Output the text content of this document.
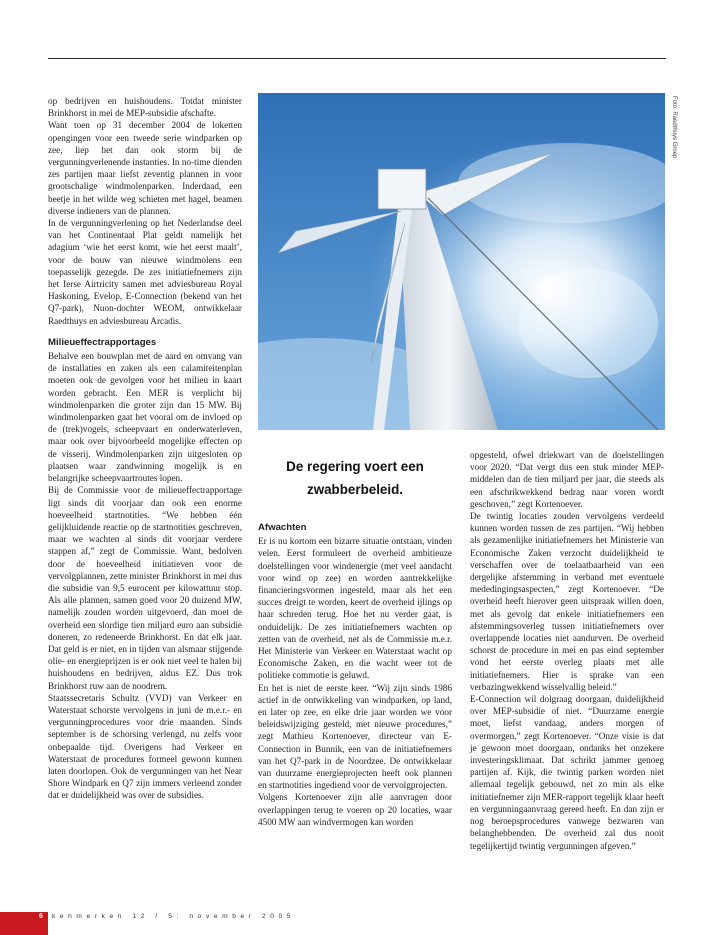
op bedrijven en huishoudens. Totdat minister Brinkhorst in mei de MEP-subsidie afschafte.

Want toen op 31 december 2004 de loketten opengingen voor een tweede serie windparken op zee, liep het dan ook storm bij de vergunningverlenende instanties. In no-time dienden zes partijen maar liefst zeventig plannen in voor grootschalige windmolenparken. Inderdaad, een beetje in het wilde weg schieten met hagel, beamen diverse indieners van de plannen.

In de vergunningverlening op het Nederlandse deel van het Continentaal Plat geldt namelijk het adagium ‘wie het eerst komt, wie het eerst maalt’, voor de bouw van nieuwe windmolens een toepasselijk gezegde. De zes initiatiefnemers zijn het Ierse Airtricity samen met adviesbureau Royal Haskoning, Evelop, E-Connection (bekend van het Q7-park), Nuon-dochter WEOM, ontwikkelaar Raedthuys en adviesbureau Arcadis.

Milieueffectrapportages

Behalve een bouwplan met de aard en omvang van de installaties en zaken als een calamiteitenplan moeten ook de gevolgen voor het milieu in kaart worden gebracht. Een MER is verplicht bij windmolenparken die groter zijn dan 15 MW. Bij windmolenparken gaat het vooral om de invloed op de (trek)vogels, scheepvaart en onderwaterleven, maar ook over bijvoorbeeld mogelijke effecten op de visserij. Windmolenparken zijn uitgesloten op plaatsen waar zandwinning mogelijk is en belangrijke scheepvaartroutes lopen.

Bij de Commissie voor de milieueffectrapportage ligt sinds dit voorjaar dan ook een enorme hoeveelheid startnotities. “We hebben één gelijkluidende reactie op de startnotities geschreven, maar we wachten al sinds dit voorjaar verdere stappen af,” zegt de Commissie. Want, bedolven door de hoeveelheid initiatieven voor de vervolgplannen, zette minister Brinkhorst in mei dus die subsidie van 9,5 eurocent per kilowattuur stop. Als alle plannen, samen goed voor 20 duizend MW, namelijk zouden worden uitgevoerd, dan moet de overheid een slordige tien miljard euro aan subsidie doneren, zo redeneerde Brinkhorst. En dat elk jaar. Dat geld is er niet, en in tijden van alsmaar stijgende olie- en energieprijzen is er ook niet veel te halen bij huishoudens en bedrijven, aldus EZ. Dus trok Brinkhorst ruw aan de noodrem.

Staatssecretaris Schultz (VVD) van Verkeer en Waterstaat schorste vervolgens in juni de m.e.r.- en vergunningprocedures voor drie maanden. Sinds september is de schorsing verlengd, nu zelfs voor onbepaalde tijd. Overigens had Verkeer en Waterstaat de procedures formeel gewoon kunnen laten doorlopen. Ook de vergunningen van het Near Shore Windpark en Q7 zijn immers verleend zonder dat er duidelijkheid was over de subsidies.

Foto: Raedthuys Groep
De regering voert een zwabberbeleid.

Afwachten

Er is nu kortom een bizarre situatie ontstaan, vinden velen. Eerst formuleert de overheid ambitieuze doelstellingen voor windenergie (met veel aandacht voor wind op zee) en worden aantrekkelijke financieringsvormen ingesteld, maar als het een succes dreigt te worden, keert de overheid ijlings op haar schreden terug. Hoe het nu verder gaat, is onduidelijk. De zes initiatiefnemers wachten op zetten van de overheid, net als de Commissie m.e.r. Het Ministerie van Verkeer en Waterstaat wacht op Economische Zaken, en die wacht weer tot de politieke commotie is geluwd.

En het is niet de eerste keer. “Wij zijn sinds 1986 actief in de ontwikkeling van windparken, op land, en later op zee, en elke drie jaar worden we voor beleidswijziging gesteld, met nieuwe procedures,” zegt Mathieu Kortenoever, directeur van E-Connection in Bunnik, een van de initiatiefnemers van het Q7-park in de Noordzee. De ontwikkelaar van duurzame energieprojecten heeft ook plannen en startnotities ingediend voor de vervolgprojecten.

Volgens Kortenoever zijn alle aanvragen door overlappingen terug te voeren op 20 locaties, waar 4500 MW aan windvermogen kan worden

opgesteld, ofwel driekwart van de doelstellingen voor 2020. “Dat vergt dus een stuk minder MEP-middelen dan de tien miljard per jaar, die steeds als een afschrikwekkend bedrag naar voren wordt geschoven,” zegt Kortenoever.

De twintig locaties zouden vervolgens verdeeld kunnen worden tussen de zes partijen. “Wij hebben als gezamenlijke initiatiefnemers het Ministerie van Economische Zaken verzocht duidelijkheid te verschaffen over de toelaatbaarheid van een dergelijke afstemming in verband met eventuele mededingingsaspecten,” zegt Kortenoever. “De overheid heeft hierover geen uitspraak willen doen, met als gevolg dat enkele initiatiefnemers een afstemmingsoverleg tussen initiatiefnemers over overlappende locaties niet aandurven. De overheid schorst de procedure in mei en pas eind september vond het eerste overleg plaats met alle initiatiefnemers. Hier is sprake van een verbazingwekkend wisselvallig beleid.”

E-Connection wil dolgraag doorgaan, duidelijkheid over MEP-subsidie of niet. “Duurzame energie moet, liefst vandaag, anders morgen of overmorgen,” zegt Kortenoever. “Onze visie is dat je gewoon moet doorgaan, ondanks het onzekere investeringsklimaat. Dat schrikt jammer genoeg partijen af. Kijk, die twintig parken worden niet allemaal tegelijk gebouwd, net zo min als elke initiatiefnemer zijn MER-rapport tegelijk klaar heeft en vergunningaanvraag gereed heeft. En dan zijn er nog beroepsprocedures vanwege bezwaren van belanghebbenden. De overheid zal dus nooit tegelijkertijd twintig vergunningen afgeven.”

6 kenmerken 12 / 5: november 2005
